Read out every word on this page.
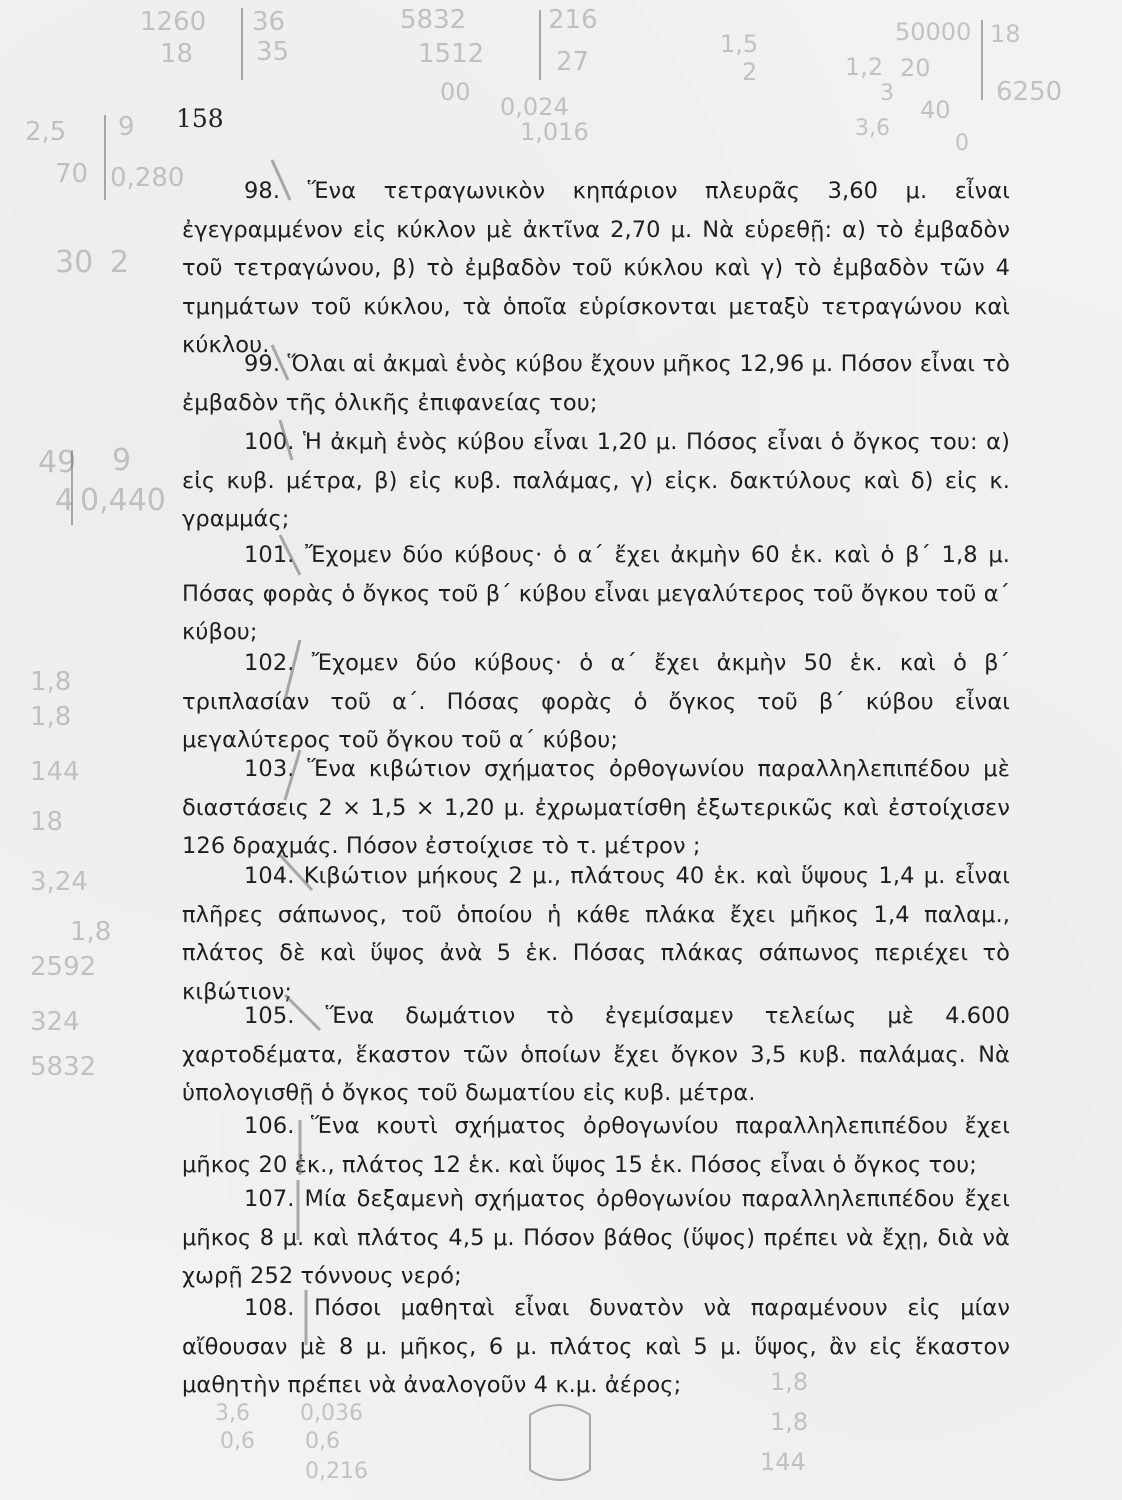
158

98. Ἕνα τετραγωνικὸν κηπάριον πλευρᾶς 3,60 μ. εἶναι ἐγεγραμμένον εἰς κύκλον μὲ ἀκτῖνα 2,70 μ. Νὰ εὑρεθῇ: α) τὸ ἐμβαδὸν τοῦ τετραγώνου, β) τὸ ἐμβαδὸν τοῦ κύκλου καὶ γ) τὸ ἐμβαδὸν τῶν 4 τμημάτων τοῦ κύκλου, τὰ ὁποῖα εὑρίσκονται μεταξὺ τετραγώνου καὶ κύκλου.

99. Ὅλαι αἱ ἀκμαὶ ἑνὸς κύβου ἔχουν μῆκος 12,96 μ. Πόσον εἶναι τὸ ἐμβαδὸν τῆς ὁλικῆς ἐπιφανείας του;

100. Ἡ ἀκμὴ ἑνὸς κύβου εἶναι 1,20 μ. Πόσος εἶναι ὁ ὄγκος του: α) εἰς κυβ. μέτρα, β) εἰς κυβ. παλάμας, γ) εἰςκ. δακτύλους καὶ δ) εἰς κ. γραμμάς;

101. Ἔχομεν δύο κύβους· ὁ α΄ ἔχει ἀκμὴν 60 ἑκ. καὶ ὁ β΄ 1,8 μ. Πόσας φορὰς ὁ ὄγκος τοῦ β΄ κύβου εἶναι μεγαλύτερος τοῦ ὄγκου τοῦ α΄ κύβου;

102. Ἔχομεν δύο κύβους· ὁ α΄ ἔχει ἀκμὴν 50 ἑκ. καὶ ὁ β΄ τριπλασίαν τοῦ α΄. Πόσας φορὰς ὁ ὄγκος τοῦ β΄ κύβου εἶναι μεγαλύτερος τοῦ ὄγκου τοῦ α΄ κύβου;

103. Ἕνα κιβώτιον σχήματος ὀρθογωνίου παραλληλεπιπέδου μὲ διαστάσεις 2 × 1,5 × 1,20 μ. ἐχρωματίσθη ἐξωτερικῶς καὶ ἐστοίχισεν 126 δραχμάς. Πόσον ἐστοίχισε τὸ τ. μέτρον ;

104. Κιβώτιον μήκους 2 μ., πλάτους 40 ἑκ. καὶ ὕψους 1,4 μ. εἶναι πλῆρες σάπωνος, τοῦ ὁποίου ἡ κάθε πλάκα ἔχει μῆκος 1,4 παλαμ., πλάτος δὲ καὶ ὕψος ἀνὰ 5 ἑκ. Πόσας πλάκας σάπωνος περιέχει τὸ κιβώτιον;

105. Ἕνα δωμάτιον τὸ ἐγεμίσαμεν τελείως μὲ 4.600 χαρτοδέματα, ἕκαστον τῶν ὁποίων ἔχει ὄγκον 3,5 κυβ. παλάμας. Νὰ ὑπολογισθῇ ὁ ὄγκος τοῦ δωματίου εἰς κυβ. μέτρα.

106. Ἕνα κουτὶ σχήματος ὀρθογωνίου παραλληλεπιπέδου ἔχει μῆκος 20 ἑκ., πλάτος 12 ἑκ. καὶ ὕψος 15 ἑκ. Πόσος εἶναι ὁ ὄγκος του;

107. Μία δεξαμενὴ σχήματος ὀρθογωνίου παραλληλεπιπέδου ἔχει μῆκος 8 μ. καὶ πλάτος 4,5 μ. Πόσον βάθος (ὕψος) πρέπει νὰ ἔχῃ, διὰ νὰ χωρῇ 252 τόννους νερό;

108. Πόσοι μαθηταὶ εἶναι δυνατὸν νὰ παραμένουν εἰς μίαν αἴθουσαν μὲ 8 μ. μῆκος, 6 μ. πλάτος καὶ 5 μ. ὕψος, ἂν εἰς ἕκαστον μαθητὴν πρέπει νὰ ἀναλογοῦν 4 κ.μ. ἀέρος;

1260
18
36
35
5832
1512
216
27
00
0,024
1,016
1,5
2
50000 18
20
40
6250
0
1,2
3
3,6
2,5 9
70 0,280
30 2
49 9
4 0,440
1,8
1,8
144
18
3,24
1,8
2592
324
5832
3,6
0,6
0,036
0,6
0,216
1,8
1,8
144
